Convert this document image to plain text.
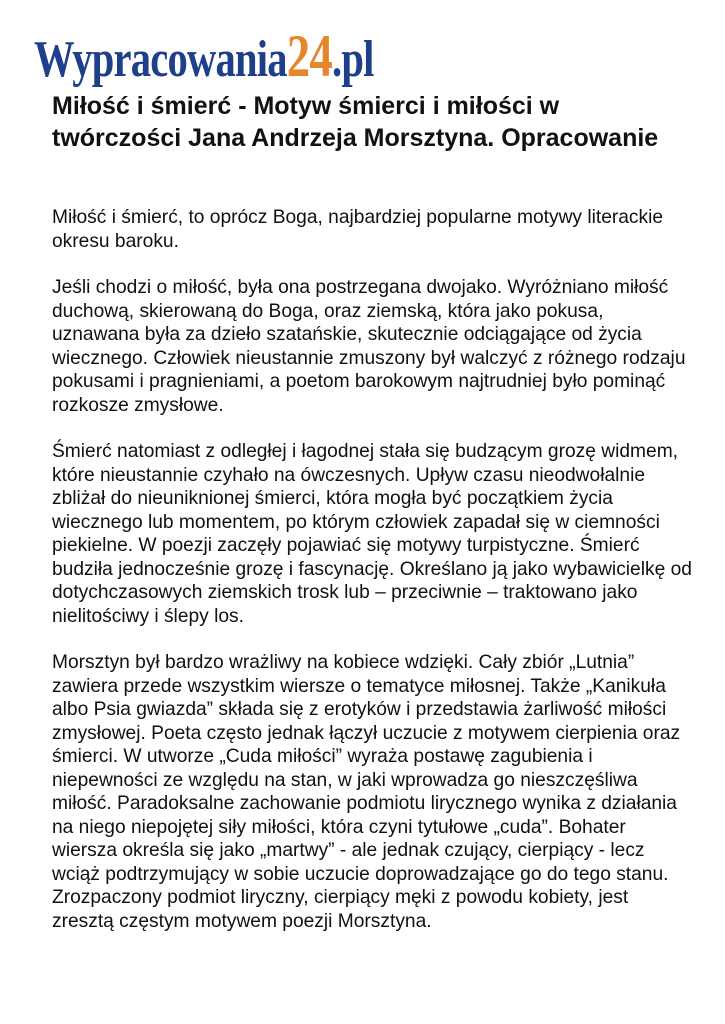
Wypracowania 24 .pl
Miłość i śmierć - Motyw śmierci i miłości w twórczości Jana Andrzeja Morsztyna. Opracowanie

Miłość i śmierć, to oprócz Boga, najbardziej popularne motywy literackie okresu baroku.

Jeśli chodzi o miłość, była ona postrzegana dwojako. Wyróżniano miłość duchową, skierowaną do Boga, oraz ziemską, która jako pokusa, uznawana była za dzieło szatańskie, skutecznie odciągające od życia wiecznego. Człowiek nieustannie zmuszony był walczyć z różnego rodzaju pokusami i pragnieniami, a poetom barokowym najtrudniej było pominąć rozkosze zmysłowe.

Śmierć natomiast z odległej i łagodnej stała się budzącym grozę widmem, które nieustannie czyhało na ówczesnych. Upływ czasu nieodwołalnie zbliżał do nieuniknionej śmierci, która mogła być początkiem życia wiecznego lub momentem, po którym człowiek zapadał się w ciemności piekielne. W poezji zaczęły pojawiać się motywy turpistyczne. Śmierć budziła jednocześnie grozę i fascynację. Określano ją jako wybawicielkę od dotychczasowych ziemskich trosk lub – przeciwnie – traktowano jako nielitościwy i ślepy los.

Morsztyn był bardzo wrażliwy na kobiece wdzięki. Cały zbiór „Lutnia” zawiera przede wszystkim wiersze o tematyce miłosnej. Także „Kanikuła albo Psia gwiazda” składa się z erotyków i przedstawia żarliwość miłości zmysłowej. Poeta często jednak łączył uczucie z motywem cierpienia oraz śmierci. W utworze „Cuda miłości” wyraża postawę zagubienia i niepewności ze względu na stan, w jaki wprowadza go nieszczęśliwa miłość. Paradoksalne zachowanie podmiotu lirycznego wynika z działania na niego niepojętej siły miłości, która czyni tytułowe „cuda”. Bohater wiersza określa się jako „martwy” - ale jednak czujący, cierpiący - lecz wciąż podtrzymujący w sobie uczucie doprowadzające go do tego stanu. Zrozpaczony podmiot liryczny, cierpiący męki z powodu kobiety, jest zresztą częstym motywem poezji Morsztyna.
